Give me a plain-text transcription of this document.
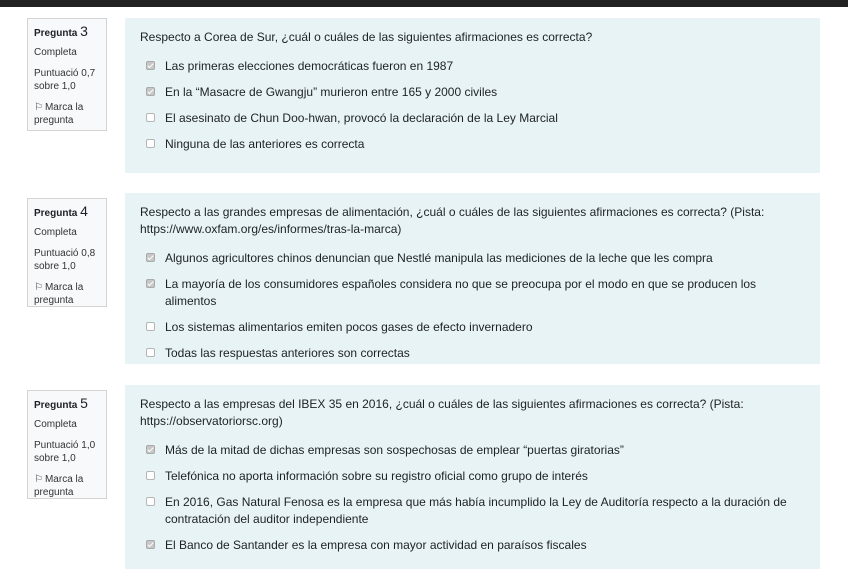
Pregunta 3
Completa
Puntuació 0,7 sobre 1,0
⚐ Marca la pregunta
Respecto a Corea de Sur, ¿cuál o cuáles de las siguientes afirmaciones es correcta?
Las primeras elecciones democráticas fueron en 1987
En la “Masacre de Gwangju” murieron entre 165 y 2000 civiles
El asesinato de Chun Doo-hwan, provocó la declaración de la Ley Marcial
Ninguna de las anteriores es correcta
Pregunta 4
Completa
Puntuació 0,8 sobre 1,0
⚐ Marca la pregunta
Respecto a las grandes empresas de alimentación, ¿cuál o cuáles de las siguientes afirmaciones es correcta? (Pista: https://www.oxfam.org/es/informes/tras-la-marca)
Algunos agricultores chinos denuncian que Nestlé manipula las mediciones de la leche que les compra
La mayoría de los consumidores españoles considera no que se preocupa por el modo en que se producen los alimentos
Los sistemas alimentarios emiten pocos gases de efecto invernadero
Todas las respuestas anteriores son correctas
Pregunta 5
Completa
Puntuació 1,0 sobre 1,0
⚐ Marca la pregunta
Respecto a las empresas del IBEX 35 en 2016, ¿cuál o cuáles de las siguientes afirmaciones es correcta? (Pista: https://observatoriorsc.org)
Más de la mitad de dichas empresas son sospechosas de emplear “puertas giratorias”
Telefónica no aporta información sobre su registro oficial como grupo de interés
En 2016, Gas Natural Fenosa es la empresa que más había incumplido la Ley de Auditoría respecto a la duración de contratación del auditor independiente
El Banco de Santander es la empresa con mayor actividad en paraísos fiscales
